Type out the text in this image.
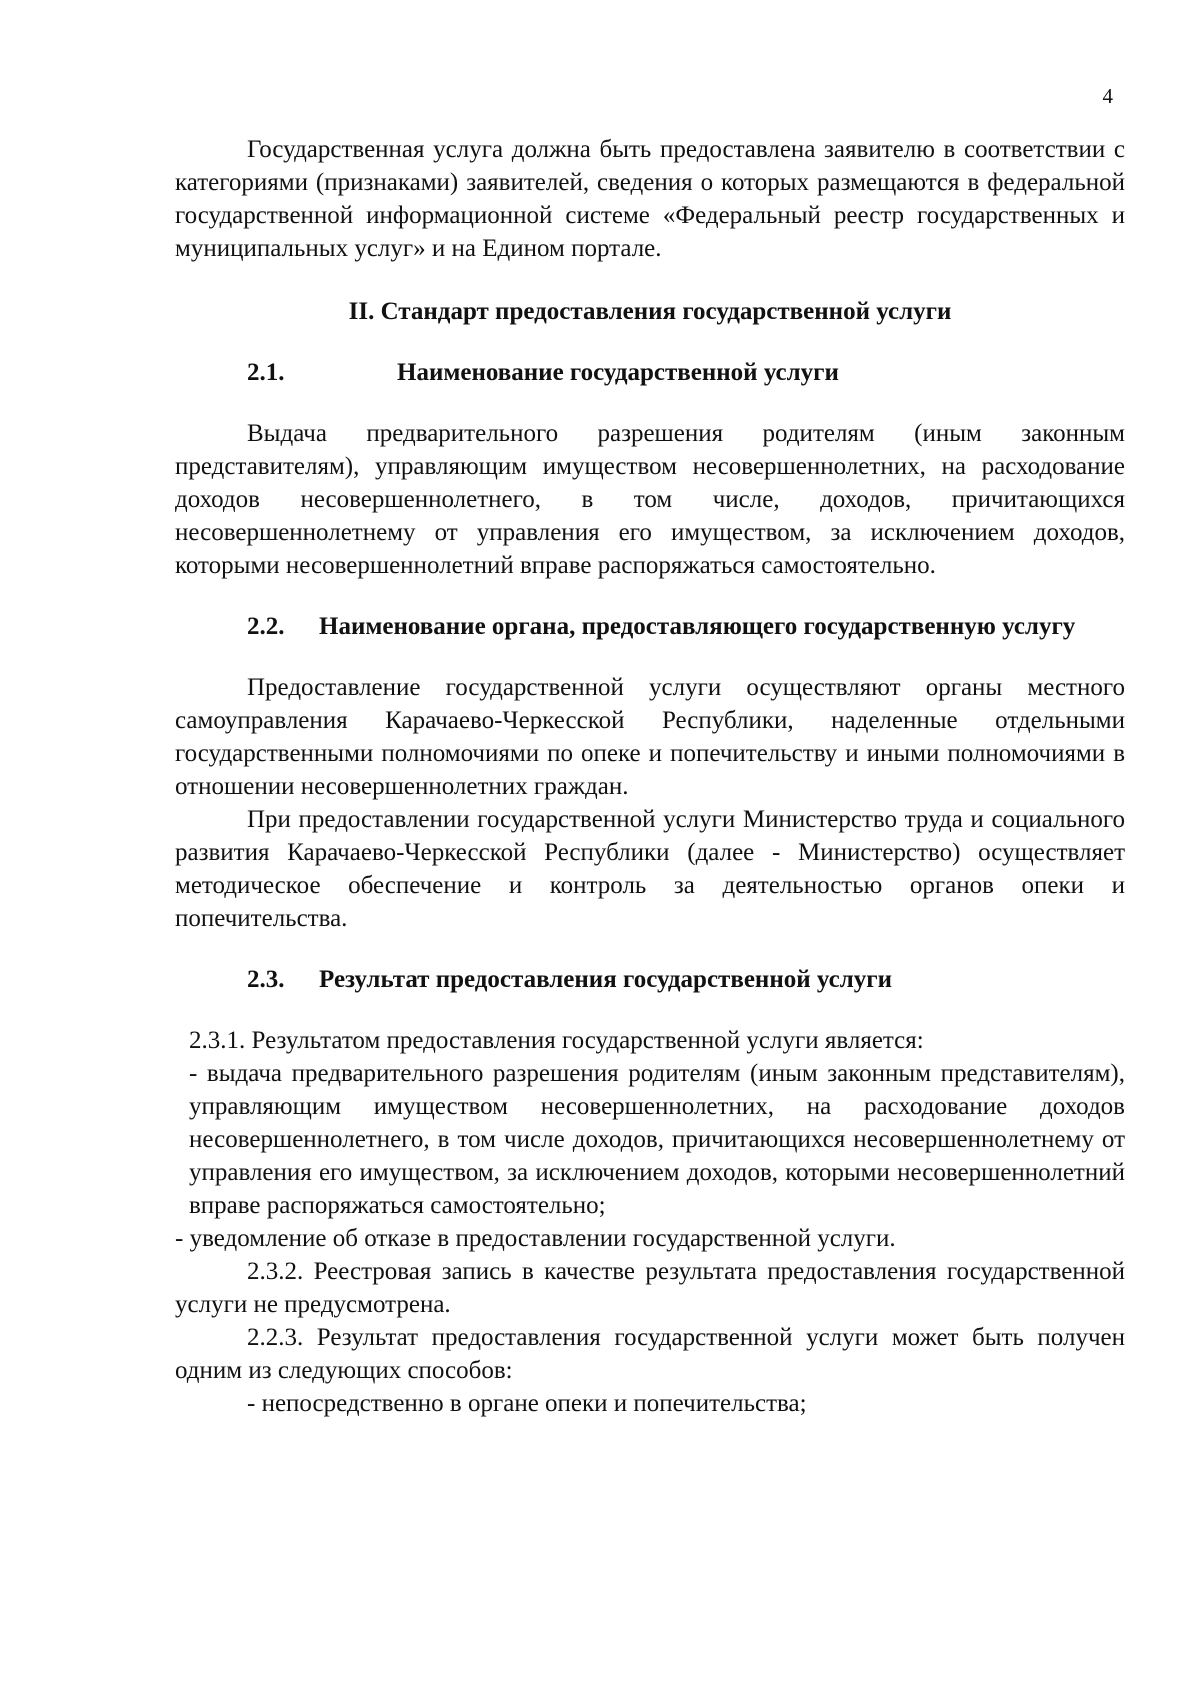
4

Государственная услуга должна быть предоставлена заявителю в соответствии с категориями (признаками) заявителей, сведения о которых размещаются в федеральной государственной информационной системе «Федеральный реестр государственных и муниципальных услуг» и на Едином портале.

II. Стандарт предоставления государственной услуги
2.1.	Наименование государственной услуги

Выдача предварительного разрешения родителям (иным законным представителям), управляющим имуществом несовершеннолетних, на расходование доходов несовершеннолетнего, в том числе, доходов, причитающихся несовершеннолетнему от управления его имуществом, за исключением доходов, которыми несовершеннолетний вправе распоряжаться самостоятельно.

2.2. Наименование органа, предоставляющего государственную услугу

Предоставление государственной услуги осуществляют органы местного самоуправления Карачаево-Черкесской Республики, наделенные отдельными государственными полномочиями по опеке и попечительству и иными полномочиями в отношении несовершеннолетних граждан.

При предоставлении государственной услуги Министерство труда и социального развития Карачаево-Черкесской Республики (далее - Министерство) осуществляет методическое обеспечение и контроль за деятельностью органов опеки и попечительства.

2.3.	Результат предоставления государственной услуги

2.3.1. Результатом предоставления государственной услуги является:

- выдача предварительного разрешения родителям (иным законным представителям), управляющим имуществом несовершеннолетних, на расходование доходов несовершеннолетнего, в том числе доходов, причитающихся несовершеннолетнему от управления его имуществом, за исключением доходов, которыми несовершеннолетний вправе распоряжаться самостоятельно;

- уведомление об отказе в предоставлении государственной услуги.

2.3.2. Реестровая запись в качестве результата предоставления государственной услуги не предусмотрена.

2.2.3. Результат предоставления государственной услуги может быть получен одним из следующих способов:

- непосредственно в органе опеки и попечительства;
